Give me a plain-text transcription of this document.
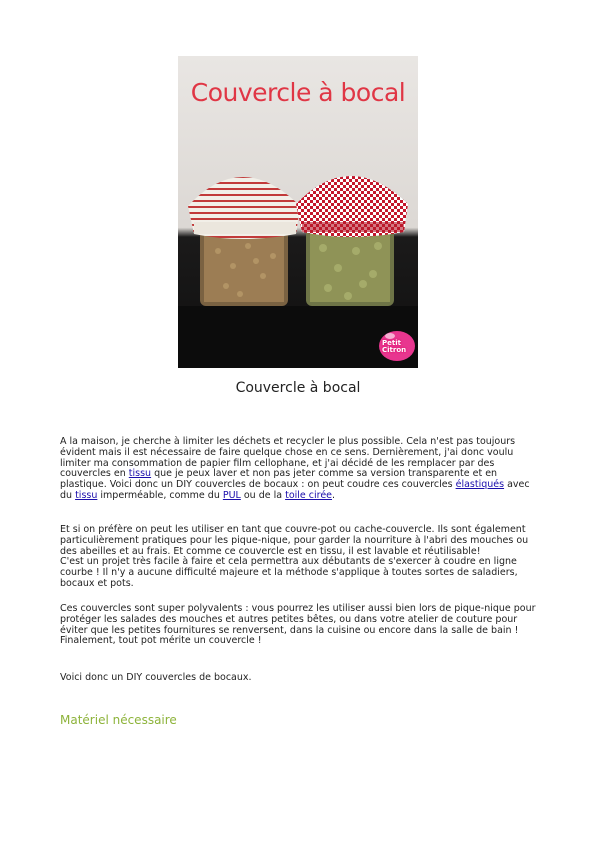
Couvercle à bocal
Petit
Citron
Couvercle à bocal

A la maison, je cherche à limiter les déchets et recycler le plus possible. Cela n'est pas toujours évident mais il est nécessaire de faire quelque chose en ce sens. Dernièrement, j'ai donc voulu limiter ma consommation de papier film cellophane, et j'ai décidé de les remplacer par des couvercles en tissu que je peux laver et non pas jeter comme sa version transparente et en plastique. Voici donc un DIY couvercles de bocaux : on peut coudre ces couvercles élastiqués avec du tissu imperméable, comme du PUL ou de la toile cirée.

Et si on préfère on peut les utiliser en tant que couvre-pot ou cache-couvercle. Ils sont également particulièrement pratiques pour les pique-nique, pour garder la nourriture à l'abri des mouches ou des abeilles et au frais. Et comme ce couvercle est en tissu, il est lavable et réutilisable!

C'est un projet très facile à faire et cela permettra aux débutants de s'exercer à coudre en ligne courbe ! Il n'y a aucune difficulté majeure et la méthode s'applique à toutes sortes de saladiers, bocaux et pots.

Ces couvercles sont super polyvalents : vous pourrez les utiliser aussi bien lors de pique-nique pour protéger les salades des mouches et autres petites bêtes, ou dans votre atelier de couture pour éviter que les petites fournitures se renversent, dans la cuisine ou encore dans la salle de bain ! Finalement, tout pot mérite un couvercle !

Voici donc un DIY couvercles de bocaux.

Matériel nécessaire
